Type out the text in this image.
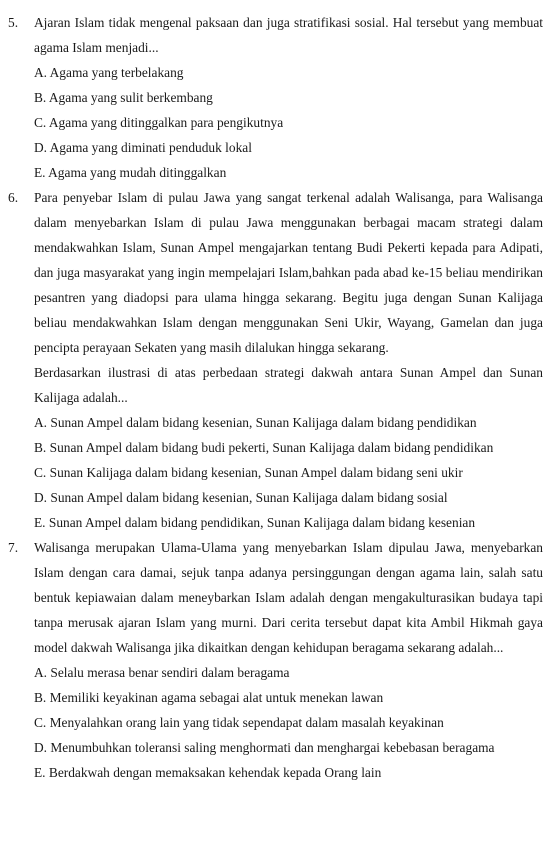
5.	Ajaran Islam tidak mengenal paksaan dan juga stratifikasi sosial. Hal tersebut yang membuat agama Islam menjadi...

A. Agama yang terbelakang
B. Agama yang sulit berkembang
C. Agama yang ditinggalkan para pengikutnya
D. Agama yang diminati penduduk lokal
E. Agama yang mudah ditinggalkan
6.	Para penyebar Islam di pulau Jawa yang sangat terkenal adalah Walisanga, para Walisanga dalam menyebarkan Islam di pulau Jawa menggunakan berbagai macam strategi dalam mendakwahkan Islam, Sunan Ampel mengajarkan tentang Budi Pekerti kepada para Adipati, dan juga masyarakat yang ingin mempelajari Islam,bahkan pada abad ke-15 beliau mendirikan pesantren yang diadopsi para ulama hingga sekarang. Begitu juga dengan Sunan Kalijaga beliau mendakwahkan Islam dengan menggunakan Seni Ukir, Wayang, Gamelan dan juga pencipta perayaan Sekaten yang masih dilalukan hingga sekarang.

Berdasarkan ilustrasi di atas perbedaan strategi dakwah antara Sunan Ampel dan Sunan Kalijaga adalah...

A. Sunan Ampel dalam bidang kesenian, Sunan Kalijaga dalam bidang pendidikan
B. Sunan Ampel dalam bidang budi pekerti, Sunan Kalijaga dalam bidang pendidikan
C. Sunan Kalijaga dalam bidang kesenian, Sunan Ampel dalam bidang seni ukir
D. Sunan Ampel dalam bidang kesenian, Sunan Kalijaga dalam bidang sosial
E. Sunan Ampel dalam bidang pendidikan, Sunan Kalijaga dalam bidang kesenian
7.	Walisanga merupakan Ulama-Ulama yang menyebarkan Islam dipulau Jawa, menyebarkan Islam dengan cara damai, sejuk tanpa adanya persinggungan dengan agama lain, salah satu bentuk kepiawaian dalam meneybarkan Islam adalah dengan mengakulturasikan budaya tapi tanpa merusak ajaran Islam yang murni. Dari cerita tersebut dapat kita Ambil Hikmah gaya model dakwah Walisanga jika dikaitkan dengan kehidupan beragama sekarang adalah...

A. Selalu merasa benar sendiri dalam beragama
B. Memiliki keyakinan agama sebagai alat untuk menekan lawan
C. Menyalahkan orang lain yang tidak sependapat dalam masalah keyakinan
D. Menumbuhkan toleransi saling menghormati dan menghargai kebebasan beragama
E. Berdakwah dengan memaksakan kehendak kepada Orang lain
